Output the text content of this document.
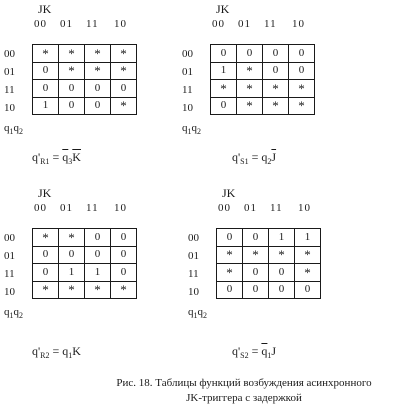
JK
00 01 11 10
00
01
11
10
*	*	*	*
0	*	*	*
0	0	0	0
1	0	0	*
$q_1q_2$
JK
00 01 11 10
00
01
11
10
0	0	0	0
1	*	0	0
*	*	*	*
0	*	*	*
$q_1q_2$
JK
00 01 11 10
00
01
11
10
*	*	0	0
0	0	0	0
0	1	1	0
*	*	*	*
$q_1q_2$
JK
00 01 11 10
00
01
11
10
0	0	1	1
*	*	*	*
*	0	0	*
0	0	0	0
$q_1q_2$
$q'_{R1} = \overline{q}_3\overline{K}$	$q'_{S1} = q_2\overline{J}$
$q'_{R2} = q_1K$	$q'_{S2} = \overline{q}_1J$
Рис. 18. Таблицы функций возбуждения асинхронного
JK-триггера с задержкой
